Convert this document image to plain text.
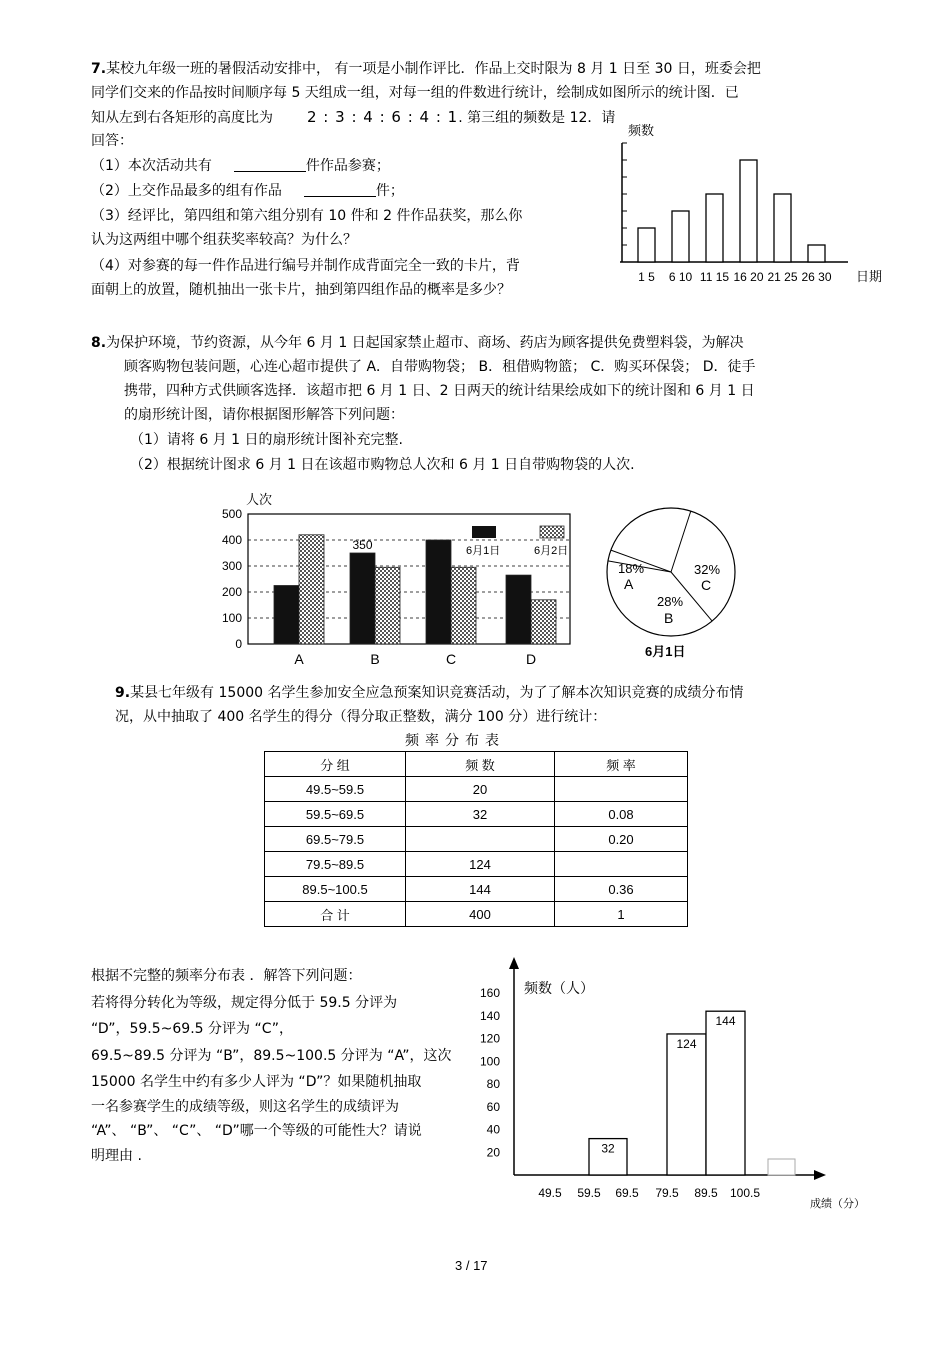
7.某校九年级一班的暑假活动安排中， 有一项是小制作评比．作品上交时限为 8 月 1 日至 30 日，班委会把
同学们交来的作品按时间顺序每 5 天组成一组，对每一组的件数进行统计，绘制成如图所示的统计图．已
知从左到右各矩形的高度比为 2 : 3 : 4 : 6 : 4 : 1. 第三组的频数是 12．请
回答：
（1）本次活动共有	件作品参赛；
（2）上交作品最多的组有作品	件；
（3）经评比，第四组和第六组分别有 10 件和 2 件作品获奖，那么你
认为这两组中哪个组获奖率较高？为什么？
（4）对参赛的每一件作品进行编号并制作成背面完全一致的卡片，背
面朝上的放置，随机抽出一张卡片，抽到第四组作品的概率是多少？
频数
1 5 6 10 11 15 16 20 21 25 26 30 日期
8.为保护环境，节约资源，从今年 6 月 1 日起国家禁止超市、商场、药店为顾客提供免费塑料袋，为解决
顾客购物包装问题，心连心超市提供了 A．自带购物袋； B．租借购物篮； C．购买环保袋； D．徒手
携带，四种方式供顾客选择．该超市把 6 月 1 日、2 日两天的统计结果绘成如下的统计图和 6 月 1 日
的扇形统计图，请你根据图形解答下列问题：
（1）请将 6 月 1 日的扇形统计图补充完整.
（2）根据统计图求 6 月 1 日在该超市购物总人次和 6 月 1 日自带购物袋的人次.
人次
500
400
300
200
100
0
A	B	C	D
350	6月1日	6月2日
18%
A
28%
B
32%
C
6月1日
9.某县七年级有 15000 名学生参加安全应急预案知识竞赛活动，为了了解本次知识竞赛的成绩分布情
况，从中抽取了 400 名学生的得分（得分取正整数，满分 100 分）进行统计：
频率分布表
分 组	频 数	频 率
49.5~59.5	20	
59.5~69.5	32	0.08
69.5~79.5		0.20
79.5~89.5	124	
89.5~100.5	144	0.36
合 计	400	1
根据不完整的频率分布表 ．解答下列问题：
若将得分转化为等级，规定得分低于 59.5 分评为
“D”，59.5~69.5 分评为 “C”，
69.5~89.5 分评为 “B”，89.5~100.5 分评为 “A”，这次
15000 名学生中约有多少人评为 “D”？如果随机抽取
一名参赛学生的成绩等级，则这名学生的成绩评为
“A”、 “B”、 “C”、 “D”哪一个等级的可能性大？请说
明理由 .
频数（人）
160
140
120
100
80
60
40
20	32
124
144
49.5 59.5 69.5 79.5 89.5 100.5
成绩（分）
3 / 17
